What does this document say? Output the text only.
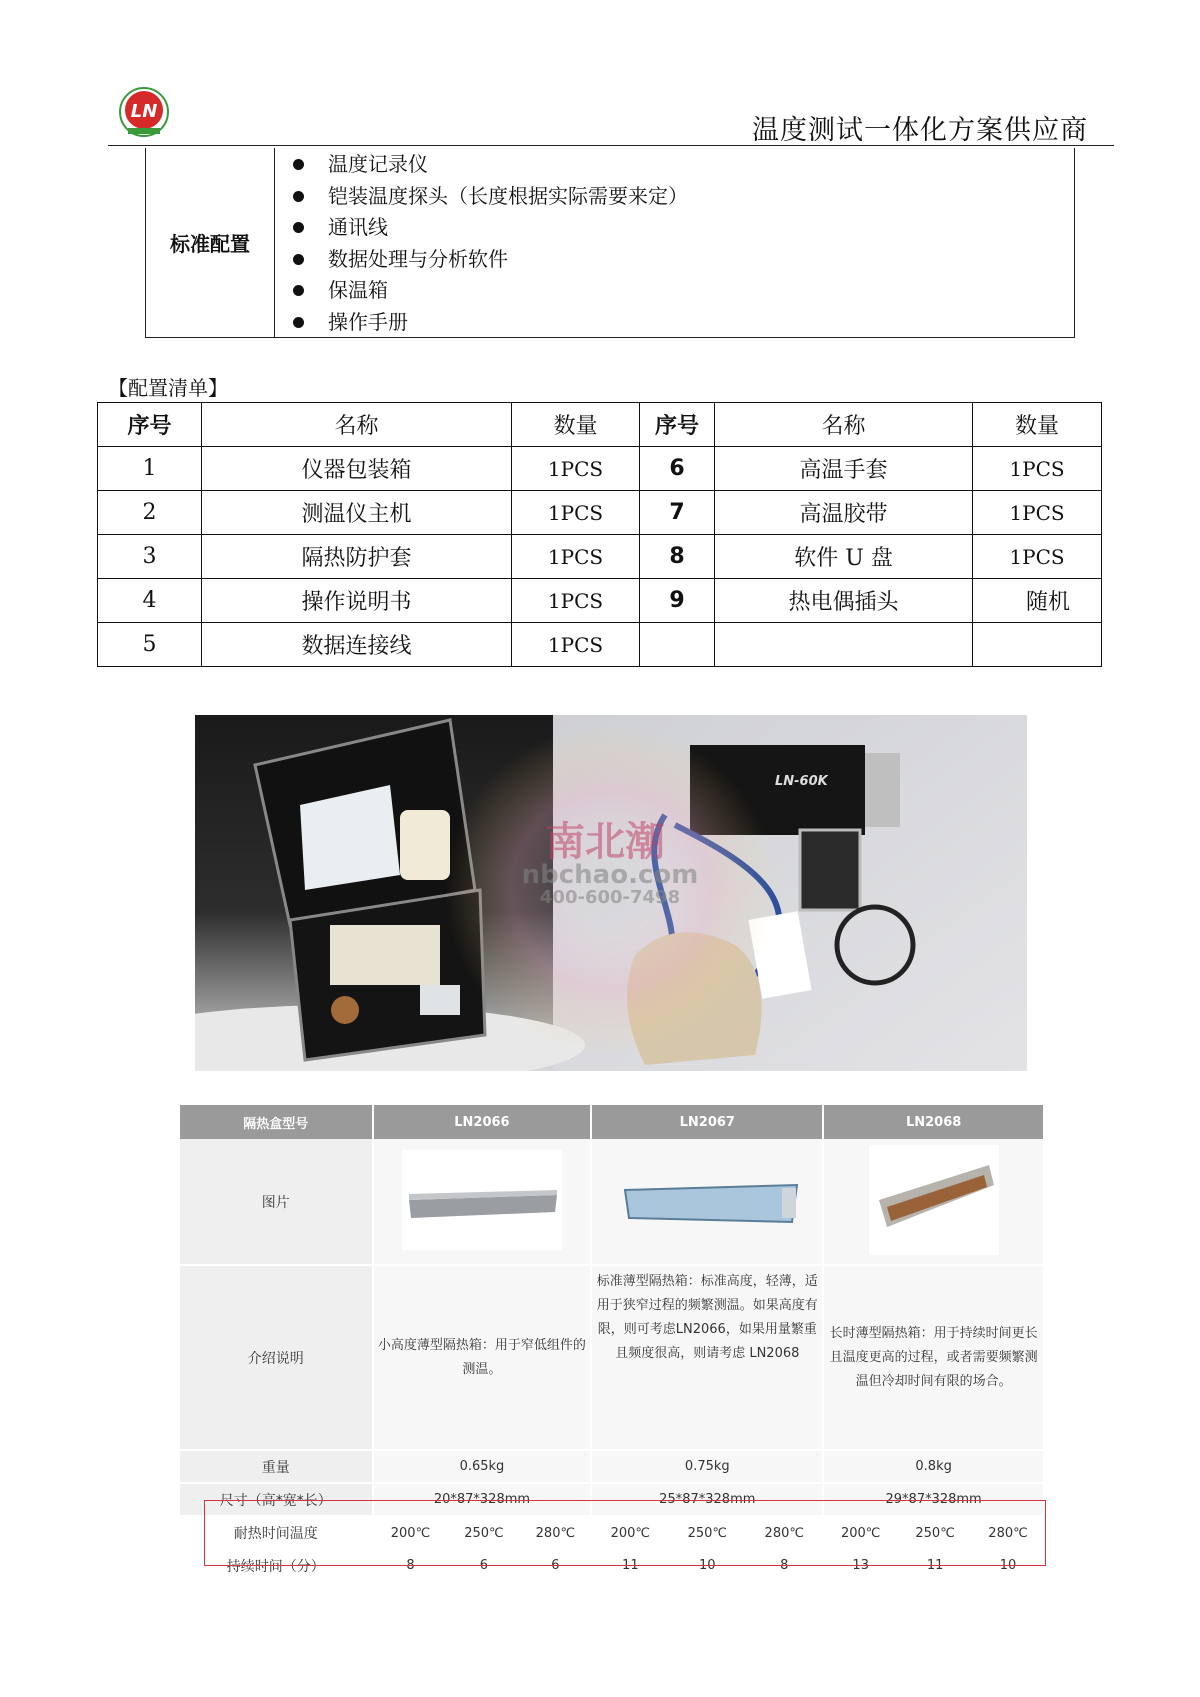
LN
温度测试一体化方案供应商
标准配置
温度记录仪
铠装温度探头（长度根据实际需要来定）
通讯线
数据处理与分析软件
保温箱
操作手册
【配置清单】
序号	名称	数量	序号	名称	数量
1	仪器包装箱	1PCS	6	高温手套	1PCS
2	测温仪主机	1PCS	7	高温胶带	1PCS
3	隔热防护套	1PCS	8	软件 U 盘	1PCS
4	操作说明书	1PCS	9	热电偶插头	随机
5	数据连接线	1PCS			
LN-60K
南北潮
nbchao.com
400-600-7498
隔热盒型号	LN2066			LN2067			LN2068		
图片			
介绍说明	小高度薄型隔热箱：用于窄低组件的测温。			标准薄型隔热箱：标准高度，轻薄，适用于狭窄过程的频繁测温。如果高度有限，则可考虑LN2066，如果用量繁重且频度很高，则请考虑 LN2068			长时薄型隔热箱：用于持续时间更长且温度更高的过程，或者需要频繁测温但冷却时间有限的场合。		
重量	0.65kg			0.75kg			0.8kg		
尺寸（高*宽*长）	20*87*328mm			25*87*328mm			29*87*328mm		
耐热时间温度	200℃	250℃	280℃	200℃	250℃	280℃	200℃	250℃	280℃
持续时间（分）	8	6	6	11	10	8	13	11	10
